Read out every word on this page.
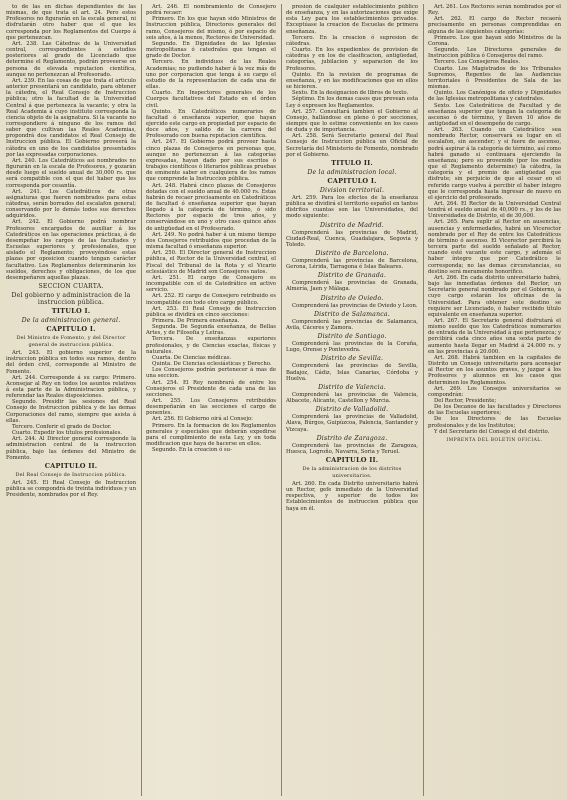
to de las en dichas dependientes de las mismas, de que trata el art. 24. Pero estos Profesores no figurarán en la escala general, ni disfrutarán otro haber que el que les corresponda por los Reglamentos del Cuerpo á que pertenezcan.

Art. 238. Las Cátedras de la Universidad central, correspondientes á estudios posteriores al grado de Licenciado que determine el Reglamento, podrán proveerse en persona de elevada reputacion científica, aunque no pertenezcan al Profesorado.

Art. 239. En las cosas de que trata el articulo anterior presentará un candidato, para obtener la cátedra, el Real Consejo de Instruccion pública; otro la facultad de la Universidad Central á que pertenezca la vacante; y otra la Real Academia á cuyo instituto corresponda la ciencia objeto de la asignatura. Si la vacante no correspondiere á ninguno de los ramos del saber que cultivan las Reales Academias, propondrá dos candidatos el Real Consejo de Instruccion pública. El Gobierno proveerá la cátedra en uno de los candidatos presentados por las expresadas corporaciones.

Art. 240. Los Catedráticos asi nombrados no figurarán en la escala de Profesores, y gozarán desde luego el sueldo anual de 30,000 rs. que será compatible con el que del haber que les corresponda por cesantía.

Art. 241. Los Catedráticos de otras asignaturas que fueren nombrados para estas cátedras, serán borrados del escalafon general; conservando por lo demás todos sus derechos adquiridos.

Art. 242. El Gobierno podrá nombrar Profesores encargados de auxiliar á los Catedráticos en las operaciones prácticas, á de desempeñar los cargos de las facultades y Escuelas superiores y profesionales, que aislado el Reglamento; proveyéndose estas plazas por oposicion cuando tengan carácter facultativo. Los Reglamentos determinarán los sueldos, derechos y obligaciones, de los que desempeñaren aquellas plazas.

SECCION CUARTA.

Del gobierno y administracion de la instruccion pública.

TITULO I.

De la administracion general.

CAPITULO I.

Del Ministro de Fomento, y del Director general de instruccion pública.

Art. 243. El gobierno superior de la instruccion pública en todos sus ramos, dentro del órden civil, corresponde al Ministro de Fomento.

Art. 244. Corresponde á su cargo: Primero. Aconsejar al Rey en todos los asuntos relativos á esta parte de la Administracion pública, y referendar las Reales disposiciones.

Segundo. Presidir las sesiones del Real Consejo de Instruccion pública y de las demas Corporaciones del ramo, siempre que asista á ellas.

Tercero. Conferir el grado de Doctor.

Cuarto. Expedir los títulos profesionales.

Art. 244. Al Director general corresponde la administracion central de la instruccion pública, bajo las órdenes del Ministro de Fomento.

CAPITULO II.

Del Real Consejo de Instruccion pública.

Art. 245. El Real Consejo de Instruccion pública se compondrá de treinta individuos y un Presidente, nombrados por el Rey.

Art. 246. El nombramiento de Consejero podrá recaer:

Primero. En los que hayan sido Ministros de Instruccion pública, Directores generales del ramo, Consejeros del mismo, ó por espacio de seis años, á la menos, Rectores de Universidad.

Segundo. En Dignidades de las Iglesias metropolitanas ó catedrales que tengan el grado de Doctor.

Tercero. En individuos de las Reales Academias; no pudiendo haber á la vez más de uno por corporacion que tenga á su cargo el estudio de la representacion de cada una de ellas.

Cuarto. En Inspectores generales de los Cuerpos facultativos del Estado en el órden civil.

Quinto. En Catedráticos numerarios de facultad ó enseñanza superior, que hayan ejercido este cargo en propiedad por espacio de doce años, y salido de la carrera del Profesorado con buena reputacion científica.

Art. 247. El Gobierno podrá proveer hasta cinco plazas de Consejeros en personas que, aunque no pertenezcan á las categorías expresadas, hayan dado por sus escritos ó trabajos científicos ó literarios públicas pruebas de eminente saber en cualquiera de los ramos que comprende la Instruccion pública.

Art. 248. Habrá cinco plazas de Consejeros dotadas con el sueldo anual de 40.000 rs. Estas habrán de recaer precisamente en Catedráticos de facultad ó enseñanza superior que hayan llegado á la categoría de término, ó sido Rectores por espacio de tres años, y conservándose en uno y otro caso quince años de antigüedad en el Profesorado.

Art. 249. No podrá haber á un mismo tiempo dos Consejeros retribuidos que procedan de la misma facultad ó enseñanza superior.

Art. 250. El Director general de Instruccion pública, el Rector de la Universidad central, el Fiscal del Tribunal de la Rota y el Vicario eclesiástico de Madrid son Consejeros natos.

Art. 251. El cargo de Consejero es incompatible con el de Catedrático en activo servicio.

Art. 252. El cargo de Consejero retribuido es incompatible con todo otro cargo público.

Art. 253. El Real Consejo de Instruccion pública se dividirá en cinco secciones:

Primera. De Primera enseñanza.

Segunda. De Segunda enseñanza, de Bellas Artes, y de Filosofía y Letras.

Tercera. De enseñanzas superiores profesionales, y de Ciencias exactas, físicas y naturales.

Cuarta. De Ciencias médicas.

Quinta. De Ciencias eclesiásticas y Derecho.

Los Consejeros podrán pertenecer á mas de una seccion.

Art. 254. El Rey nombrará de entre los Consejeros el Presidente de cada una de las secciones.

Art. 255. Los Consejeros retribuidos desempeñarán en las secciones el cargo de ponentes.

Art. 256. El Gobierno oirá al Consejo:

Primero. En la formacion de los Reglamentos generales y especiales que deberán expedirse para el cumplimiento de esta Ley, y en toda modificacion que haya de hacerse en ellos.

Segundo. En la creacion ó su-

presion de cualquier establecimiento público de enseñanza, y en las autorizaciones que exige esta Ley para los establecimientos privados. Exceptúase la creacion de Escuelas de primera enseñanza.

Tercero. En la creacion ó supresion de cátedras.

Cuarto. En los expedientes de provision de cátedras y en los de clasificacion, antigüedad, categorías, jubilacion y separacion de los Profesores.

Quinto. En la revision de programas de enseñanza, y en las modificaciones que en ellos se hicieren.

Sexto. En la designacion de libros de texto.

Séptimo. En los demas casos que prevean esta Ley ó expresen los Reglamentos.

Art. 257. Consultará tambien el Gobierno al Consejo, hallándose en pleno ó por secciones, siempre que lo estime conveniente en los casos de duda y de importancia.

Art. 258. Será Secretario general del Real Consejo de Instruccion pública un Oficial de Secretaría del Ministerio de Fomento, nombrado por el Gobierno.

TITULO II.

De la administracion local.

CAPITULO I.

Division territorial.

Art. 259. Para los efectos de la enseñanza pública se dividirá el territorio español en tantos distritos cuantas son las Universidades, del modo siguiente:

Distrito de Madrid.

Comprenderá las provincias de Madrid, Ciudad-Real, Cuenca, Guadalajara, Segovia y Toledo.

Distrito de Barcelona.

Comprenderá las provincias de Barcelona, Gerona, Lérida, Tarragona é Islas Baleares.

Distrito de Granada.

Comprenderá las provincias de Granada, Almería, Jaen y Málaga.

Distrito de Oviedo.

Comprenderá las provincias de Oviedo y Leon.

Distrito de Salamanca.

Comprenderá las provincias de Salamanca, Avila, Cáceres y Zamora.

Distrito de Santiago.

Comprenderá las provincias de la Coruña, Lugo, Orense y Pontevedra.

Distrito de Sevilla.

Comprenderá las provincias de Sevilla, Badajoz, Cádiz, Islas Canarias, Córdoba y Huelva.

Distrito de Valencia.

Comprenderá las provincias de Valencia, Albacete, Alicante, Castellon y Murcia.

Distrito de Valladolid.

Comprenderá las provincias de Valladolid, Alava, Búrgos, Guipúzcoa, Palencia, Santander y Vizcaya.

Distrito de Zaragoza.

Comprenderá las provincias de Zaragoza, Huesca, Logroño, Navarra, Soria y Teruel.

CAPITULO II.

De la administracion de los distritos universitarios.

Art. 260. En cada Distrito universitario habrá un Rector, gefe inmediato de la Universidad respectiva, y superior de todos los Establecimientos de instruccion pública que haya en él.

Art. 261. Los Rectores serán nombrados por el Rey.

Art. 262. El cargo de Rector recaerá precisamente en personas comprendidas en alguna de las siguientes categorías:

Primero. Los que hayan sido Ministros de la Corona.

Segundo. Los Directores generales de Instruccion pública ó Consejeros del ramo.

Tercero. Los Consejeros Reales.

Cuarto. Los Magistrados de los Tribunales Supremos, Regentes de las Audiencias territoriales ó Presidentes de Sala de las mismas.

Quinto. Los Canónigos de oficio y Dignidades de las Iglesias metropolitanas y catedrales.

Sexto. Los Catedráticos de Facultad y de enseñanza superior que tengan la categoría de ascenso ó de término, y lleven 10 años de antigüedad en el desempeño de cargo.

Art. 263. Cuando un Catedrático sea nombrado Rector, conservará su lugar en el escalafon, sin ascender; y si fuere de ascenso, podrá aspirar á la categoría de término, así como habrá ganado si continuara ejerciendo la enseñanza; pero su provenido (por los medios que el Reglamento determine) la cátedra, la categoría y el premio de antigüedad que disfrute; sin perjuicio de que al cesar en el referido cargo vuelva á percibir el haber íntegro que le corresponda hasta ingresar de nuevo en el ejercicio del profesorado.

Art. 264. El Rector de la Universidad Central tendrá el sueldo anual de 40,000 rs., y los de las Universidades de Distrito, el de 30,000.

Art. 265. Para suplir al Rector en ausencias, ausencias y enfermedades, habrá un Vicerector nombrado por el Rey de entre los Catedráticos de término ó ascenso. El Vicerector percibirá la tercera parte del sueldo señalado al Rector, cuando esté vacante este cargo, y además el haber íntegro que por Catedrático le corresponda; no las demas circunstancias, su destino será meramente honorífico.

Art. 266. En cada distrito universitario habrá, bajo las inmediatas órdenes del Rector, un Secretario general nombrado por el Gobierno, á cuyo cargo estarán los oficinas de la Universidad. Para obtener este destino se requiere ser Licenciado, ó haber recibido título equivalente en enseñanza superior.

Art. 267. El Secretario general disfrutará el mismo sueldo que los Catedráticos numerarios de entrada de la Universidad á que pertenezca; y percibirá cada cinco años una sexta parte de aumento hasta llegar en Madrid á 24.000 rs. y en las provincias á 20.000.

Art. 268. Habrá tambien en la capitales de Distrito un Consejo universitario para aconsejar al Rector en los asuntos graves, y juzgar á los Profesores y alumnos en los casos que determinen los Reglamentos.

Art. 269. Los Consejos universitarios se compondrán:

Del Rector, Presidente;

De los Decanos de las facultades y Directores de las Escuelas superiores;

De los Directores de las Escuelas profesionales y de los Institutos;

Y del Secretario del Consejo el del distrito.

IMPRENTA DEL BOLETIN OFICIAL.
